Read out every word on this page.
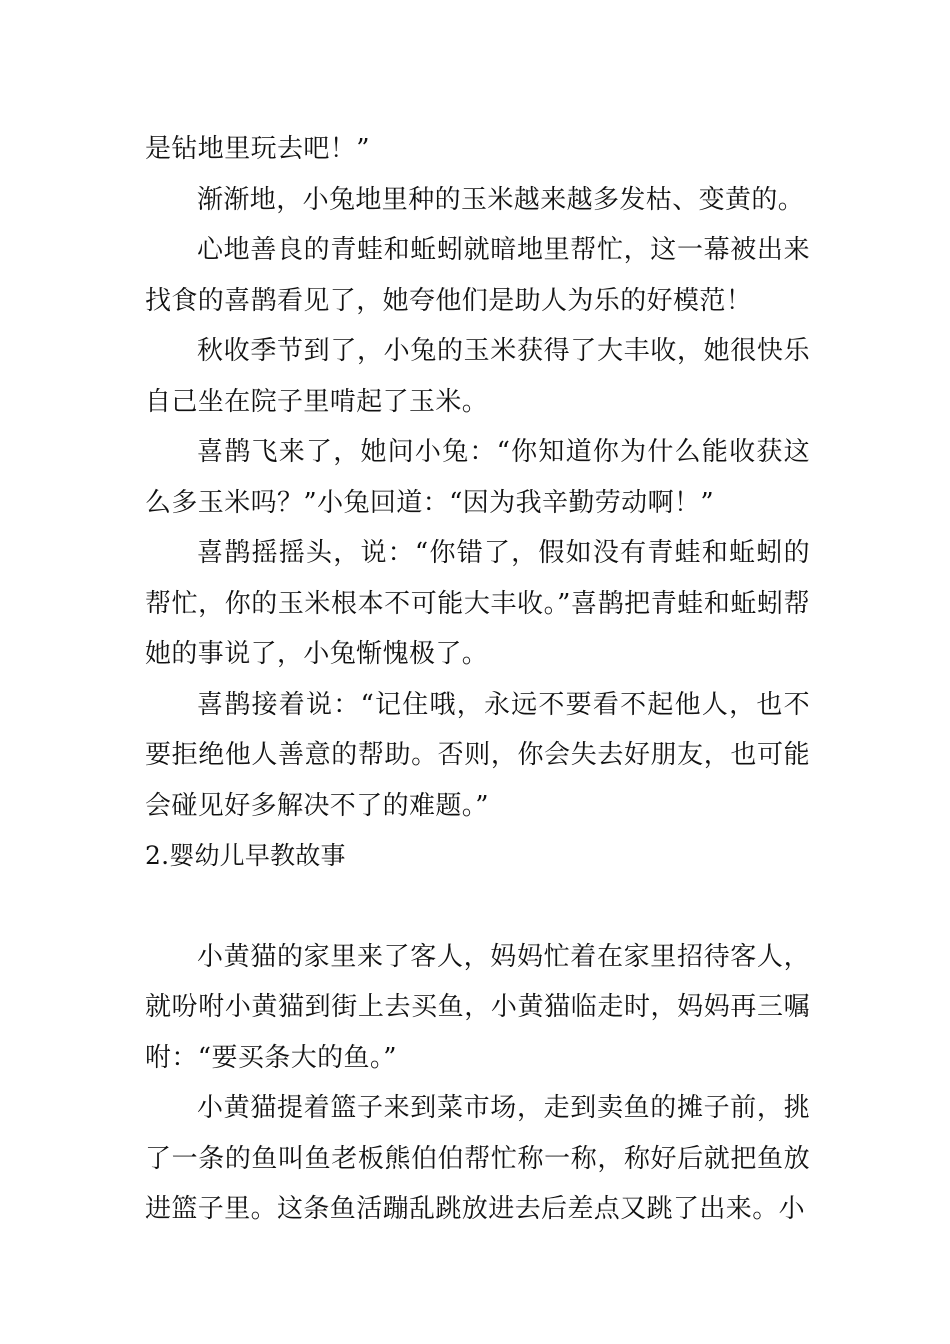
是钻地里玩去吧！”

渐渐地，小兔地里种的玉米越来越多发枯、变黄的。

心地善良的青蛙和蚯蚓就暗地里帮忙，这一幕被出来找食的喜鹊看见了，她夸他们是助人为乐的好模范！

秋收季节到了，小兔的玉米获得了大丰收，她很快乐自己坐在院子里啃起了玉米。

喜鹊飞来了，她问小兔：“你知道你为什么能收获这么多玉米吗？”小兔回道：“因为我辛勤劳动啊！”

喜鹊摇摇头，说：“你错了，假如没有青蛙和蚯蚓的帮忙，你的玉米根本不可能大丰收。”喜鹊把青蛙和蚯蚓帮她的事说了，小兔惭愧极了。

喜鹊接着说：“记住哦，永远不要看不起他人，也不要拒绝他人善意的帮助。否则，你会失去好朋友，也可能会碰见好多解决不了的难题。”

2.婴幼儿早教故事

小黄猫的家里来了客人，妈妈忙着在家里招待客人，就吩咐小黄猫到街上去买鱼，小黄猫临走时，妈妈再三嘱咐：“要买条大的鱼。”

小黄猫提着篮子来到菜市场，走到卖鱼的摊子前，挑了一条的鱼叫鱼老板熊伯伯帮忙称一称，称好后就把鱼放进篮子里。这条鱼活蹦乱跳放进去后差点又跳了出来。小
